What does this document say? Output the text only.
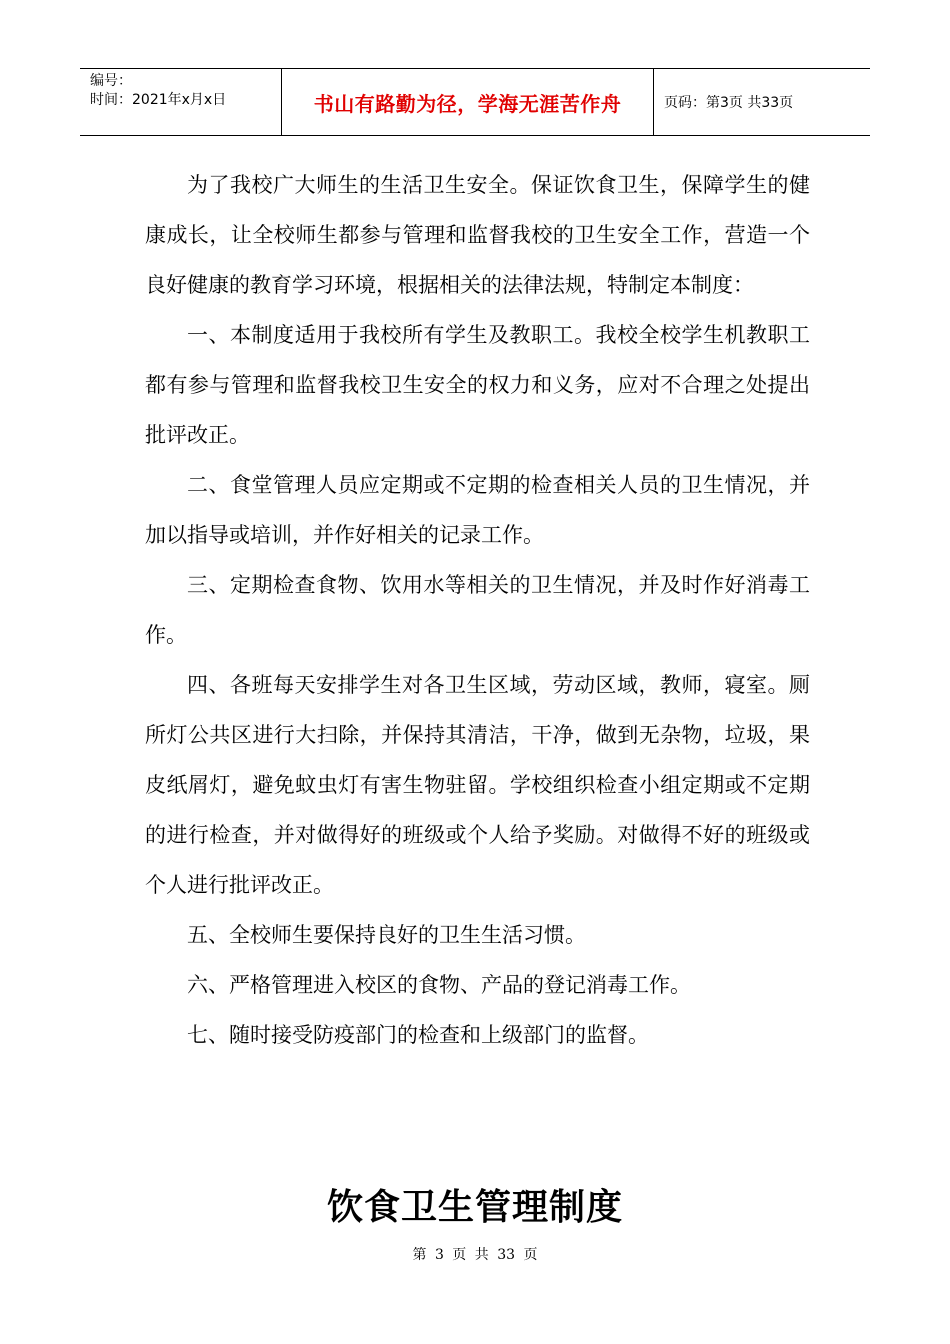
编号：
时间：2021年x月x日	书山有路勤为径，学海无涯苦作舟	页码：第3页 共33页

为了我校广大师生的生活卫生安全。保证饮食卫生，保障学生的健康成长，让全校师生都参与管理和监督我校的卫生安全工作，营造一个良好健康的教育学习环境，根据相关的法律法规，特制定本制度：

一、本制度适用于我校所有学生及教职工。我校全校学生机教职工都有参与管理和监督我校卫生安全的权力和义务，应对不合理之处提出批评改正。

二、食堂管理人员应定期或不定期的检查相关人员的卫生情况，并加以指导或培训，并作好相关的记录工作。

三、定期检查食物、饮用水等相关的卫生情况，并及时作好消毒工作。

四、各班每天安排学生对各卫生区域，劳动区域，教师，寝室。厕所灯公共区进行大扫除，并保持其清洁，干净，做到无杂物，垃圾，果皮纸屑灯，避免蚊虫灯有害生物驻留。学校组织检查小组定期或不定期的进行检查，并对做得好的班级或个人给予奖励。对做得不好的班级或个人进行批评改正。

五、全校师生要保持良好的卫生生活习惯。

六、严格管理进入校区的食物、产品的登记消毒工作。

七、随时接受防疫部门的检查和上级部门的监督。

饮食卫生管理制度
第 3 页 共 33 页
